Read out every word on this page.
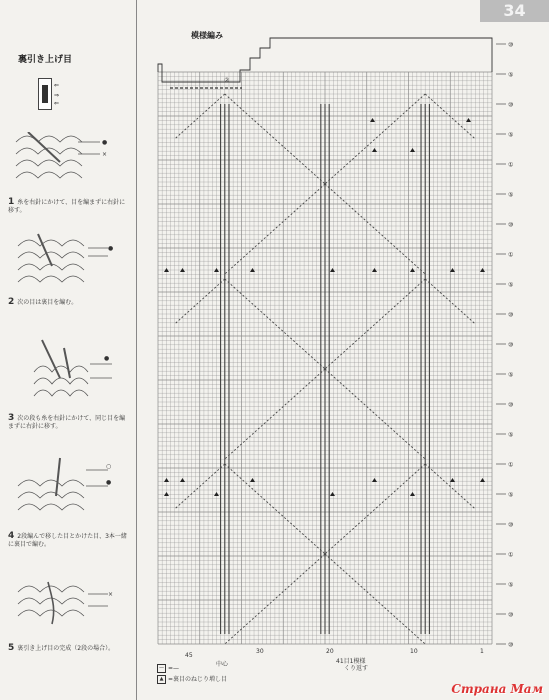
裏引き上げ目
⇐
⇒
⇐
●
×
1 糸を右針にかけて、目を編まずに右針に移す。
●
2 次の目は裏目を編む。
●
3 次の段も糸を右針にかけて、同じ目を編まずに右針に移す。
○
●
4 2段編んで移した目とかけた目、3本一緒に裏目で編む。
×
5 裏引き上げ目の完成（2段の場合）。
34
模様編み
⑩
⑤
⑩
⑤
①
⑤
⑩
①
⑤
⑩
⑩
⑤
⑩
⑤
①
⑤
⑩
①
⑤
⑩
⑩
②
45
中心	41目1模様
くり返す
30	20	10	1
— =—
▲ =裏目のねじり増し目
Страна Мам
